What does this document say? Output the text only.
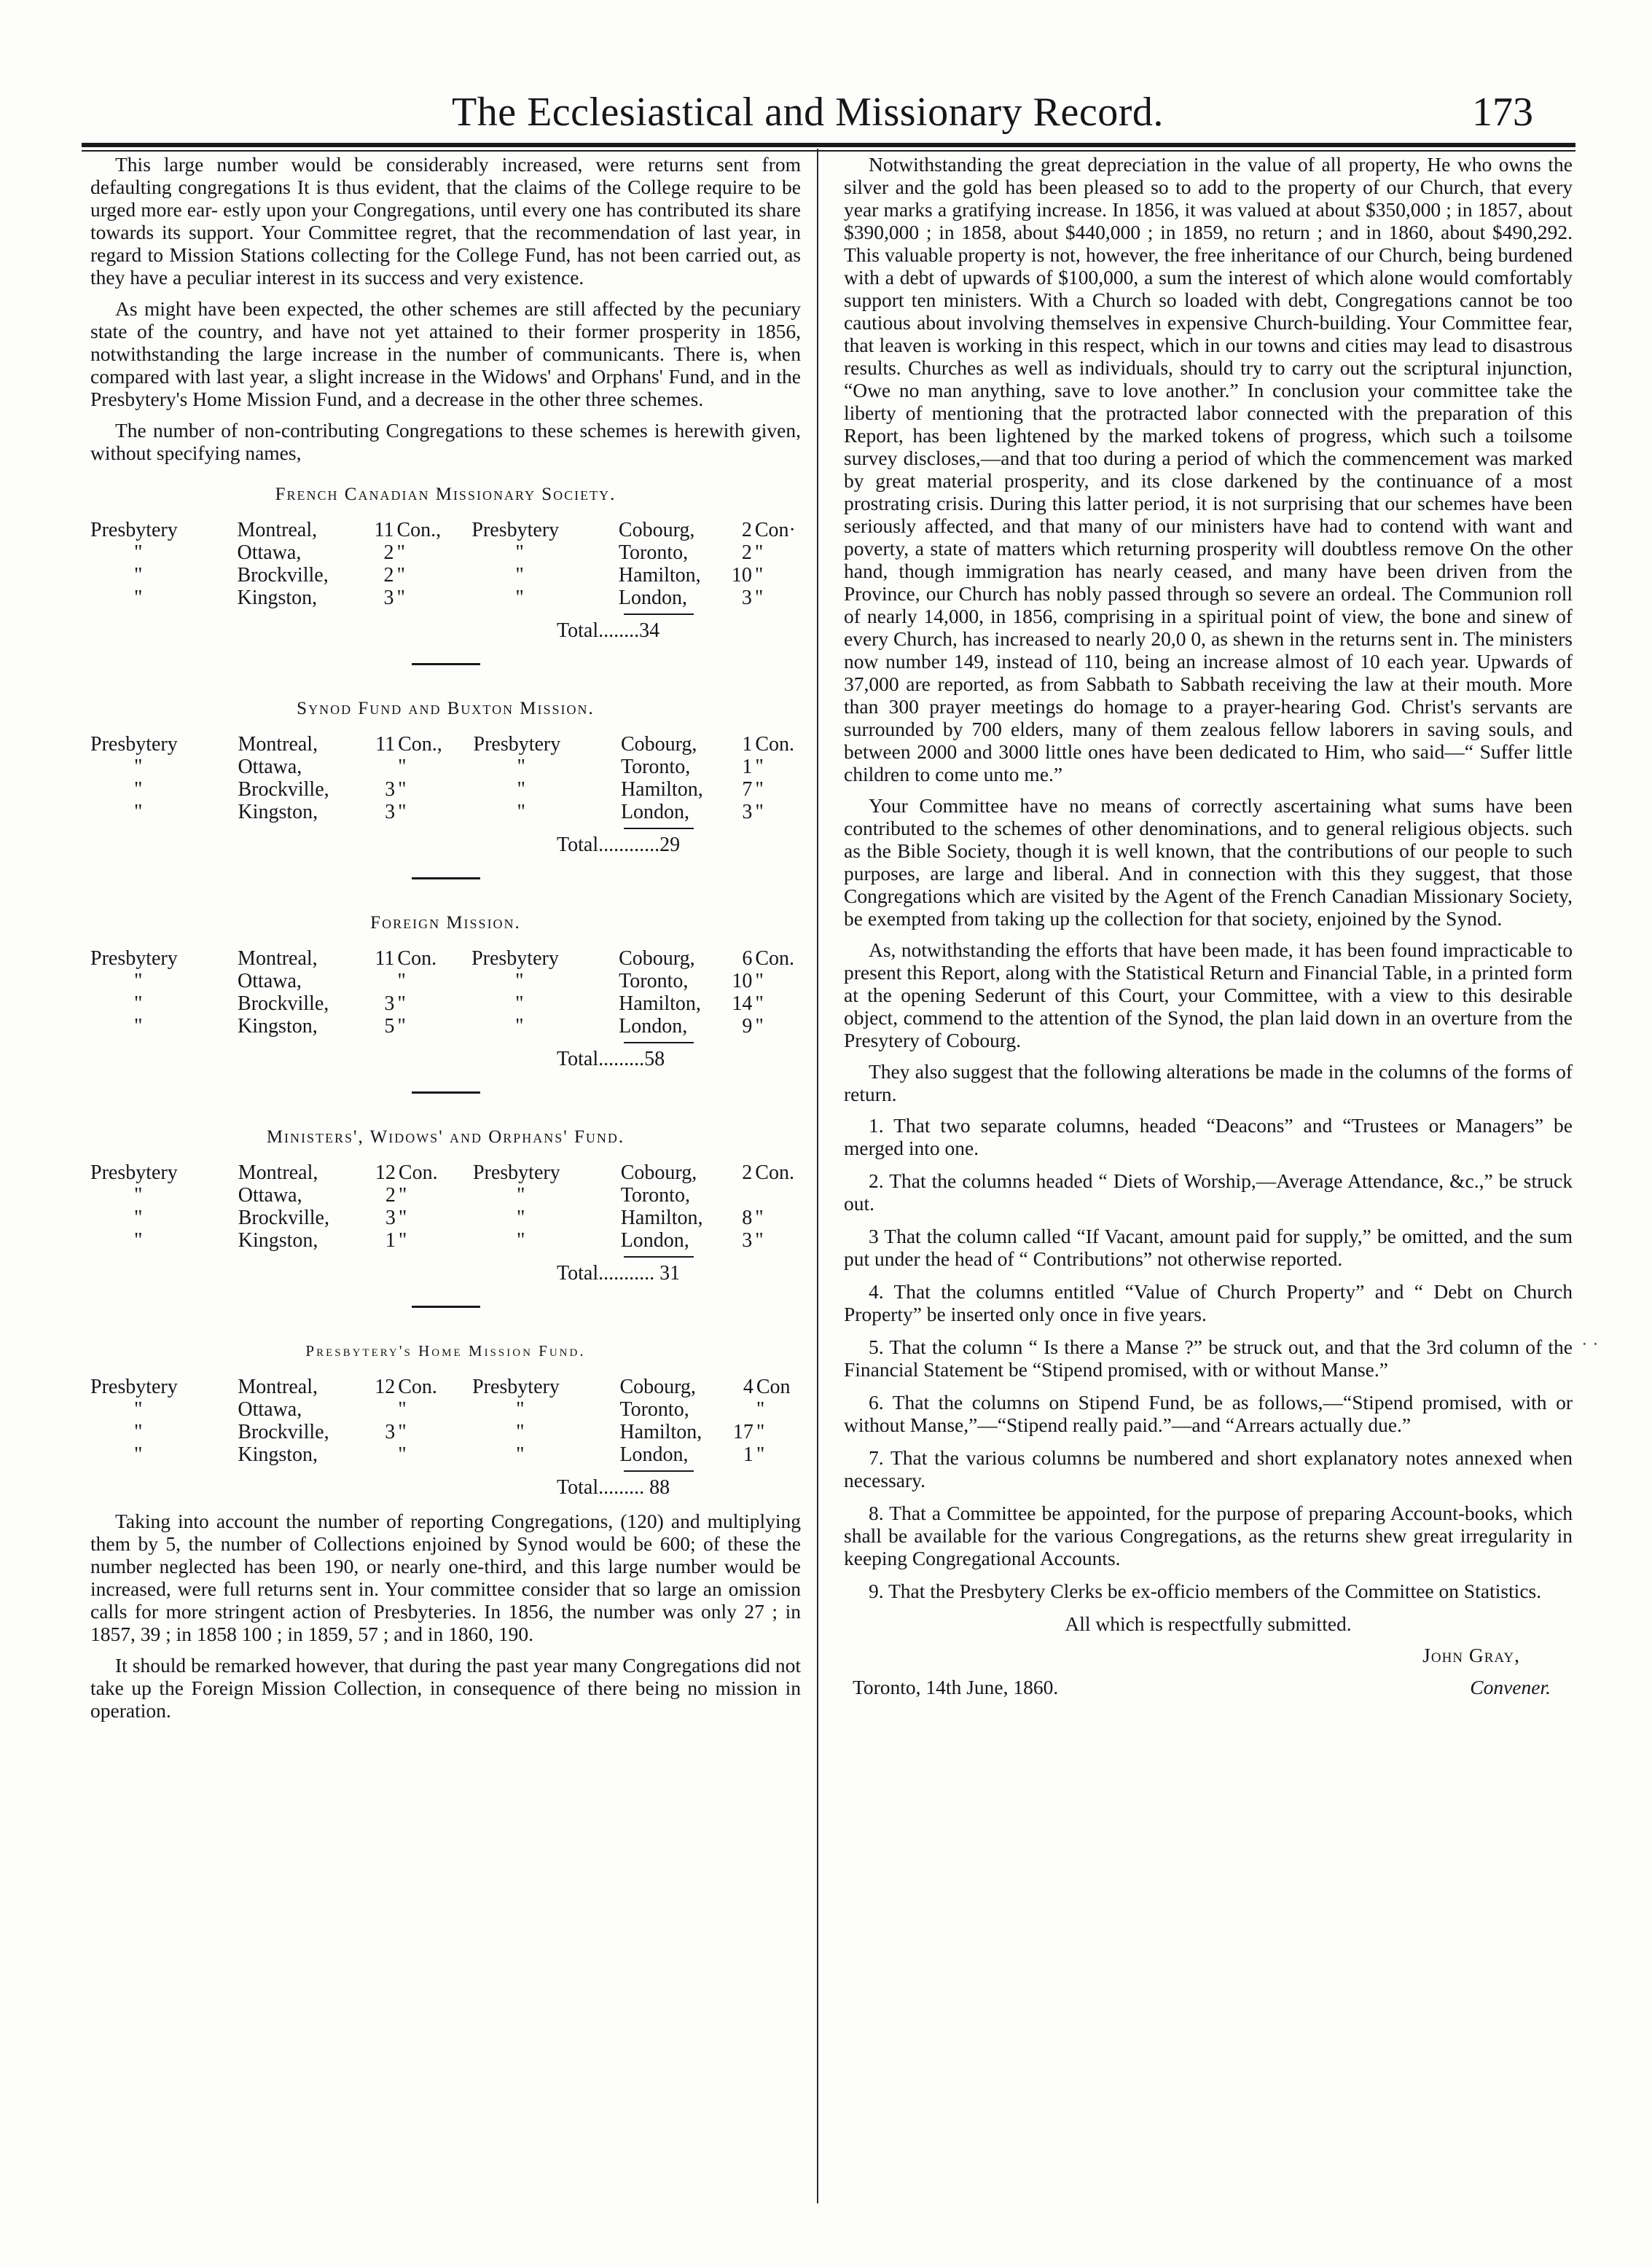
The Ecclesiastical and Missionary Record.	173

This large number would be considerably increased, were returns sent from defaulting congregations It is thus evident, that the claims of the College require to be urged more ear- estly upon your Congregations, until every one has contributed its share towards its support. Your Committee regret, that the recommendation of last year, in regard to Mission Stations collecting for the College Fund, has not been carried out, as they have a peculiar interest in its success and very existence.

As might have been expected, the other schemes are still affected by the pecuniary state of the country, and have not yet attained to their former prosperity in 1856, notwithstanding the large increase in the number of communicants. There is, when compared with last year, a slight increase in the Widows' and Orphans' Fund, and in the Presbytery's Home Mission Fund, and a decrease in the other three schemes.

The number of non-contributing Congregations to these schemes is herewith given, without specifying names,

French Canadian Missionary Society.
Presbytery	Montreal,	11	Con.,	Presbytery	Cobourg,	2	Con·
"	Ottawa,	2	"	"	Toronto,	2	"
"	Brockville,	2	"	"	Hamilton,	10	"
"	Kingston,	3	"	"	London,	3	"
Total........34
Synod Fund and Buxton Mission.
Presbytery	Montreal,	11	Con.,	Presbytery	Cobourg,	1	Con.
"	Ottawa,		"	"	Toronto,	1	"
"	Brockville,	3	"	"	Hamilton,	7	"
"	Kingston,	3	"	"	London,	3	"
Total............29
Foreign Mission.
Presbytery	Montreal,	11	Con.	Presbytery	Cobourg,	6	Con.
"	Ottawa,		"	"	Toronto,	10	"
"	Brockville,	3	"	"	Hamilton,	14	"
"	Kingston,	5	"	"	London,	9	"
Total.........58
Ministers', Widows' and Orphans' Fund.
Presbytery	Montreal,	12	Con.	Presbytery	Cobourg,	2	Con.
"	Ottawa,	2	"	"	Toronto,		
"	Brockville,	3	"	"	Hamilton,	8	"
"	Kingston,	1	"	"	London,	3	"
Total........... 31
Presbytery's Home Mission Fund.
Presbytery	Montreal,	12	Con.	Presbytery	Cobourg,	4	Con
"	Ottawa,		"	"	Toronto,		"
"	Brockville,	3	"	"	Hamilton,	17	"
"	Kingston,		"	"	London,	1	"
Total......... 88

Taking into account the number of reporting Congregations, (120) and multiplying them by 5, the number of Collections enjoined by Synod would be 600; of these the number neglected has been 190, or nearly one-third, and this large number would be increased, were full returns sent in. Your committee consider that so large an omission calls for more stringent action of Presbyteries. In 1856, the number was only 27 ; in 1857, 39 ; in 1858 100 ; in 1859, 57 ; and in 1860, 190.

It should be remarked however, that during the past year many Congregations did not take up the Foreign Mission Collection, in consequence of there being no mission in operation.

Notwithstanding the great depreciation in the value of all property, He who owns the silver and the gold has been pleased so to add to the property of our Church, that every year marks a gratifying increase. In 1856, it was valued at about $350,000 ; in 1857, about $390,000 ; in 1858, about $440,000 ; in 1859, no return ; and in 1860, about $490,292. This valuable property is not, however, the free inheritance of our Church, being burdened with a debt of upwards of $100,000, a sum the interest of which alone would comfortably support ten ministers. With a Church so loaded with debt, Congregations cannot be too cautious about involving themselves in expensive Church-building. Your Committee fear, that leaven is working in this respect, which in our towns and cities may lead to disastrous results. Churches as well as individuals, should try to carry out the scriptural injunction, “Owe no man anything, save to love another.” In conclusion your committee take the liberty of mentioning that the protracted labor connected with the preparation of this Report, has been lightened by the marked tokens of progress, which such a toilsome survey discloses,—and that too during a period of which the commencement was marked by great material prosperity, and its close darkened by the continuance of a most prostrating crisis. During this latter period, it is not surprising that our schemes have been seriously affected, and that many of our ministers have had to contend with want and poverty, a state of matters which returning prosperity will doubtless remove On the other hand, though immigration has nearly ceased, and many have been driven from the Province, our Church has nobly passed through so severe an ordeal. The Communion roll of nearly 14,000, in 1856, comprising in a spiritual point of view, the bone and sinew of every Church, has increased to nearly 20,0 0, as shewn in the returns sent in. The ministers now number 149, instead of 110, being an increase almost of 10 each year. Upwards of 37,000 are reported, as from Sabbath to Sabbath receiving the law at their mouth. More than 300 prayer meetings do homage to a prayer-hearing God. Christ's servants are surrounded by 700 elders, many of them zealous fellow laborers in saving souls, and between 2000 and 3000 little ones have been dedicated to Him, who said—“ Suffer little children to come unto me.”

Your Committee have no means of correctly ascertaining what sums have been contributed to the schemes of other denominations, and to general religious objects. such as the Bible Society, though it is well known, that the contributions of our people to such purposes, are large and liberal. And in connection with this they suggest, that those Congregations which are visited by the Agent of the French Canadian Missionary Society, be exempted from taking up the collection for that society, enjoined by the Synod.

As, notwithstanding the efforts that have been made, it has been found impracticable to present this Report, along with the Statistical Return and Financial Table, in a printed form at the opening Sederunt of this Court, your Committee, with a view to this desirable object, commend to the attention of the Synod, the plan laid down in an overture from the Presytery of Cobourg.

They also suggest that the following alterations be made in the columns of the forms of return.

1. That two separate columns, headed “Deacons” and “Trustees or Managers” be merged into one.

2. That the columns headed “ Diets of Worship,—Average Attendance, &c.,” be struck out.

3 That the column called “If Vacant, amount paid for supply,” be omitted, and the sum put under the head of “ Contributions” not otherwise reported.

4. That the columns entitled “Value of Church Property” and “ Debt on Church Property” be inserted only once in five years.

5. That the column “ Is there a Manse ?” be struck out, and that the 3rd column of the Financial Statement be “Stipend promised, with or without Manse.”

6. That the columns on Stipend Fund, be as follows,—“Stipend promised, with or without Manse,”—“Stipend really paid.”—and “Arrears actually due.”

7. That the various columns be numbered and short explanatory notes annexed when necessary.

8. That a Committee be appointed, for the purpose of preparing Account-books, which shall be available for the various Congregations, as the returns shew great irregularity in keeping Congregational Accounts.

9. That the Presbytery Clerks be ex-officio members of the Committee on Statistics.

All which is respectfully submitted.

John Gray,
Toronto, 14th June, 1860.	Convener.
· ·
